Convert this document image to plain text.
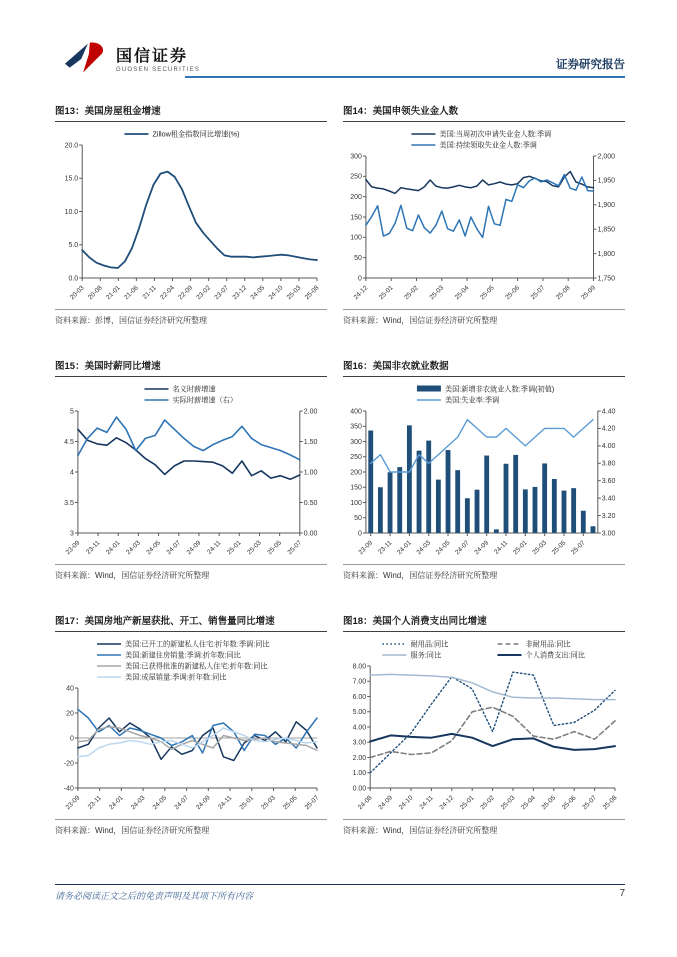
国信证券
GUOSEN SECURITIES	证券研究报告
图13：美国房屋租金增速
20.0
15.0
10.0
5.0
0.0
20-03 20-08 21-01 21-06 21-11 22-04 22-09 23-02 23-07 23-12 24-05 24-10 25-03 25-08
Zillow租金指数同比增速(%)
资料来源：彭博，国信证券经济研究所整理
图14：美国申领失业金人数
300
250
200
150
100
50
0
2,000
1,950
1,900
1,850
1,800
1,750
24-12 25-01 25-02 25-03 25-04 25-05 25-06 25-07 25-08 25-09
美国:当周初次申请失业金人数:季调
美国:持续领取失业金人数:季调
资料来源：Wind，国信证券经济研究所整理
图15：美国时薪同比增速
5
4.5
4
3.5
3
2.00
1.50
1.00
0.50
0.00
23-09 23-11 24-01 24-03 24-05 24-07 24-09 24-11 25-01 25-03 25-05 25-07
名义时薪增速
实际时薪增速（右）
资料来源：Wind，国信证券经济研究所整理
图16：美国非农就业数据
400
350
300
250
200
150
100
50
0
4.40
4.20
4.00
3.80
3.60
3.40
3.20
3.00
23-09 23-11 24-01 24-03 24-05 24-07 24-09 24-11 25-01 25-03 25-05 25-07
美国:新增非农就业人数:季调(初值)
美国:失业率:季调
资料来源：Wind，国信证券经济研究所整理
图17：美国房地产新屋获批、开工、销售量同比增速
40
20
0
-20
-40
23-09 23-11 24-01 24-03 24-05 24-07 24-09 24-11 25-01 25-03 25-05 25-07
美国:已开工的新建私人住宅:折年数:季调:同比
美国:新建住房销量:季调:折年数:同比
美国:已获得批准的新建私人住宅:折年数:同比
美国:成屋销量:季调:折年数:同比
资料来源：Wind，国信证券经济研究所整理
图18：美国个人消费支出同比增速
8.00
7.00
6.00
5.00
4.00
3.00
2.00
1.00
0.00
24-08 24-09 24-10 24-11 24-12 25-01 25-02 25-03 25-04 25-05 25-06 25-07 25-08
耐用品:同比	非耐用品:同比
服务:同比	个人消费支出:同比
资料来源：Wind，国信证券经济研究所整理
请务必阅读正文之后的免责声明及其项下所有内容	7
